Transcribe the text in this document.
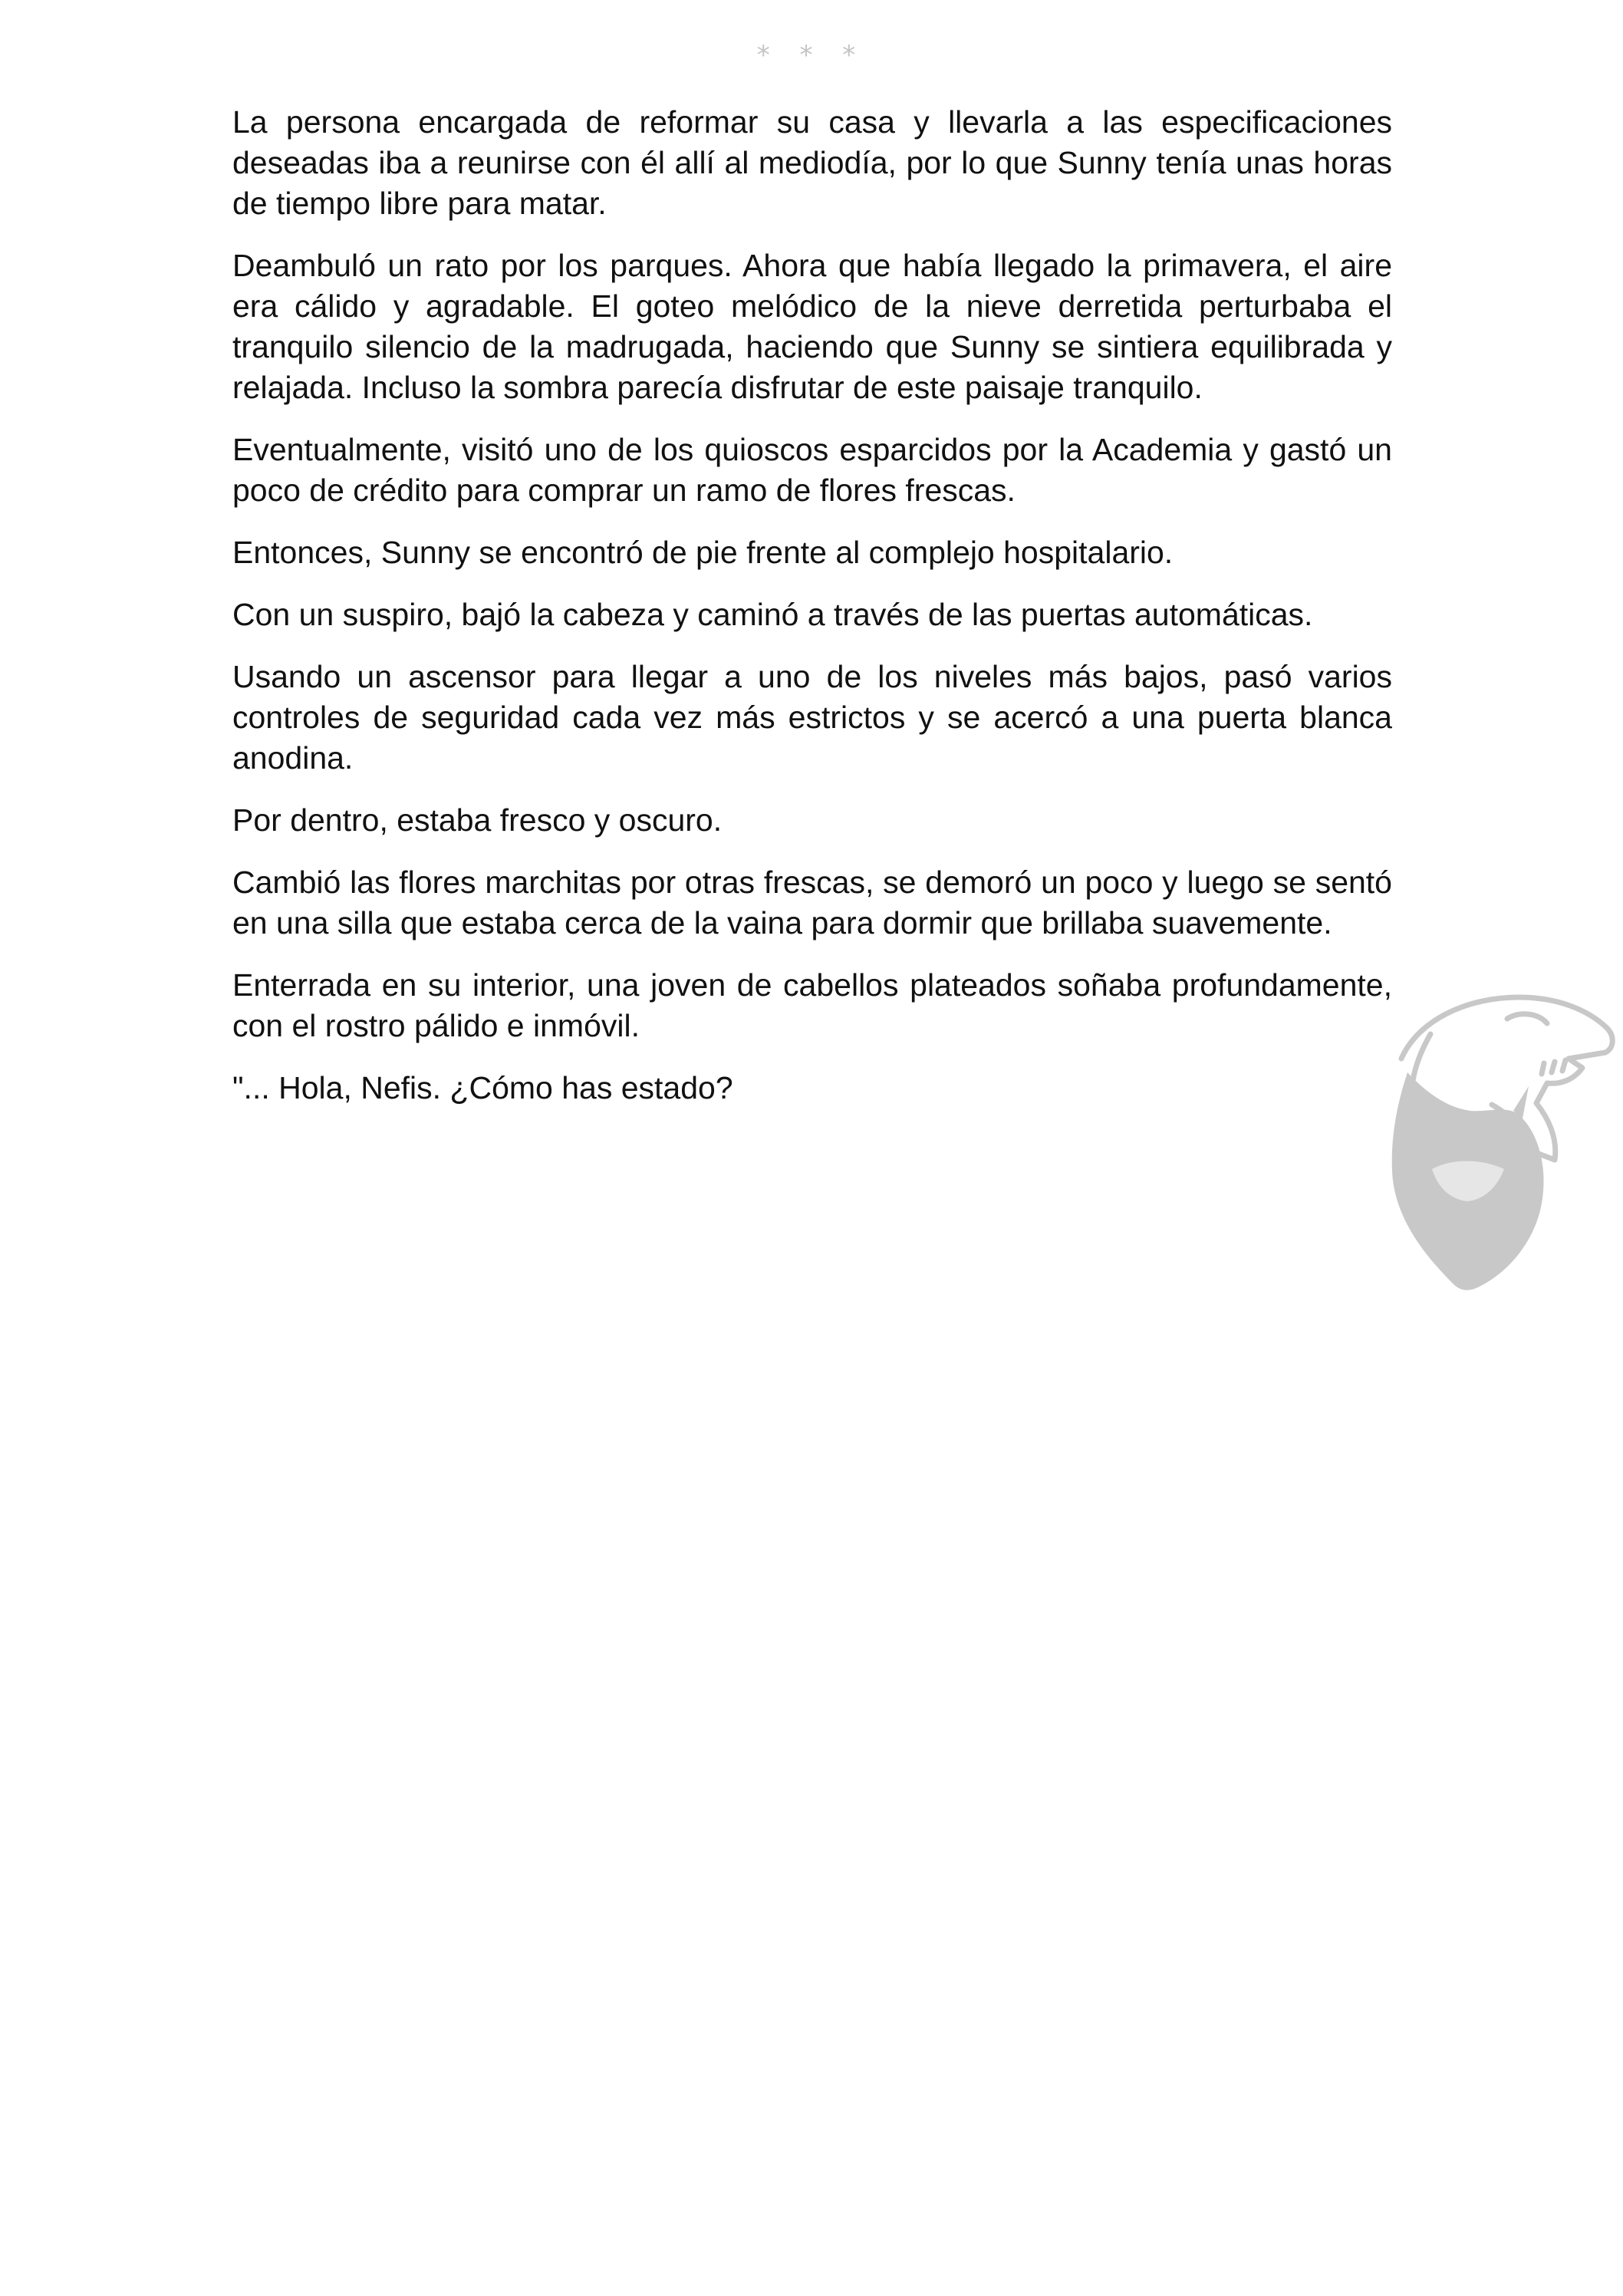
* * *

La persona encargada de reformar su casa y llevarla a las especificaciones deseadas iba a reunirse con él allí al mediodía, por lo que Sunny tenía unas horas de tiempo libre para matar.

Deambuló un rato por los parques. Ahora que había llegado la primavera, el aire era cálido y agradable. El goteo melódico de la nieve derretida perturbaba el tranquilo silencio de la madrugada, haciendo que Sunny se sintiera equilibrada y relajada. Incluso la sombra parecía disfrutar de este paisaje tranquilo.

Eventualmente, visitó uno de los quioscos esparcidos por la Academia y gastó un poco de crédito para comprar un ramo de flores frescas.

Entonces, Sunny se encontró de pie frente al complejo hospitalario.

Con un suspiro, bajó la cabeza y caminó a través de las puertas automáticas.

Usando un ascensor para llegar a uno de los niveles más bajos, pasó varios controles de seguridad cada vez más estrictos y se acercó a una puerta blanca anodina.

Por dentro, estaba fresco y oscuro.

Cambió las flores marchitas por otras frescas, se demoró un poco y luego se sentó en una silla que estaba cerca de la vaina para dormir que brillaba suavemente.

Enterrada en su interior, una joven de cabellos plateados soñaba profundamente, con el rostro pálido e inmóvil.

"... Hola, Nefis. ¿Cómo has estado?
